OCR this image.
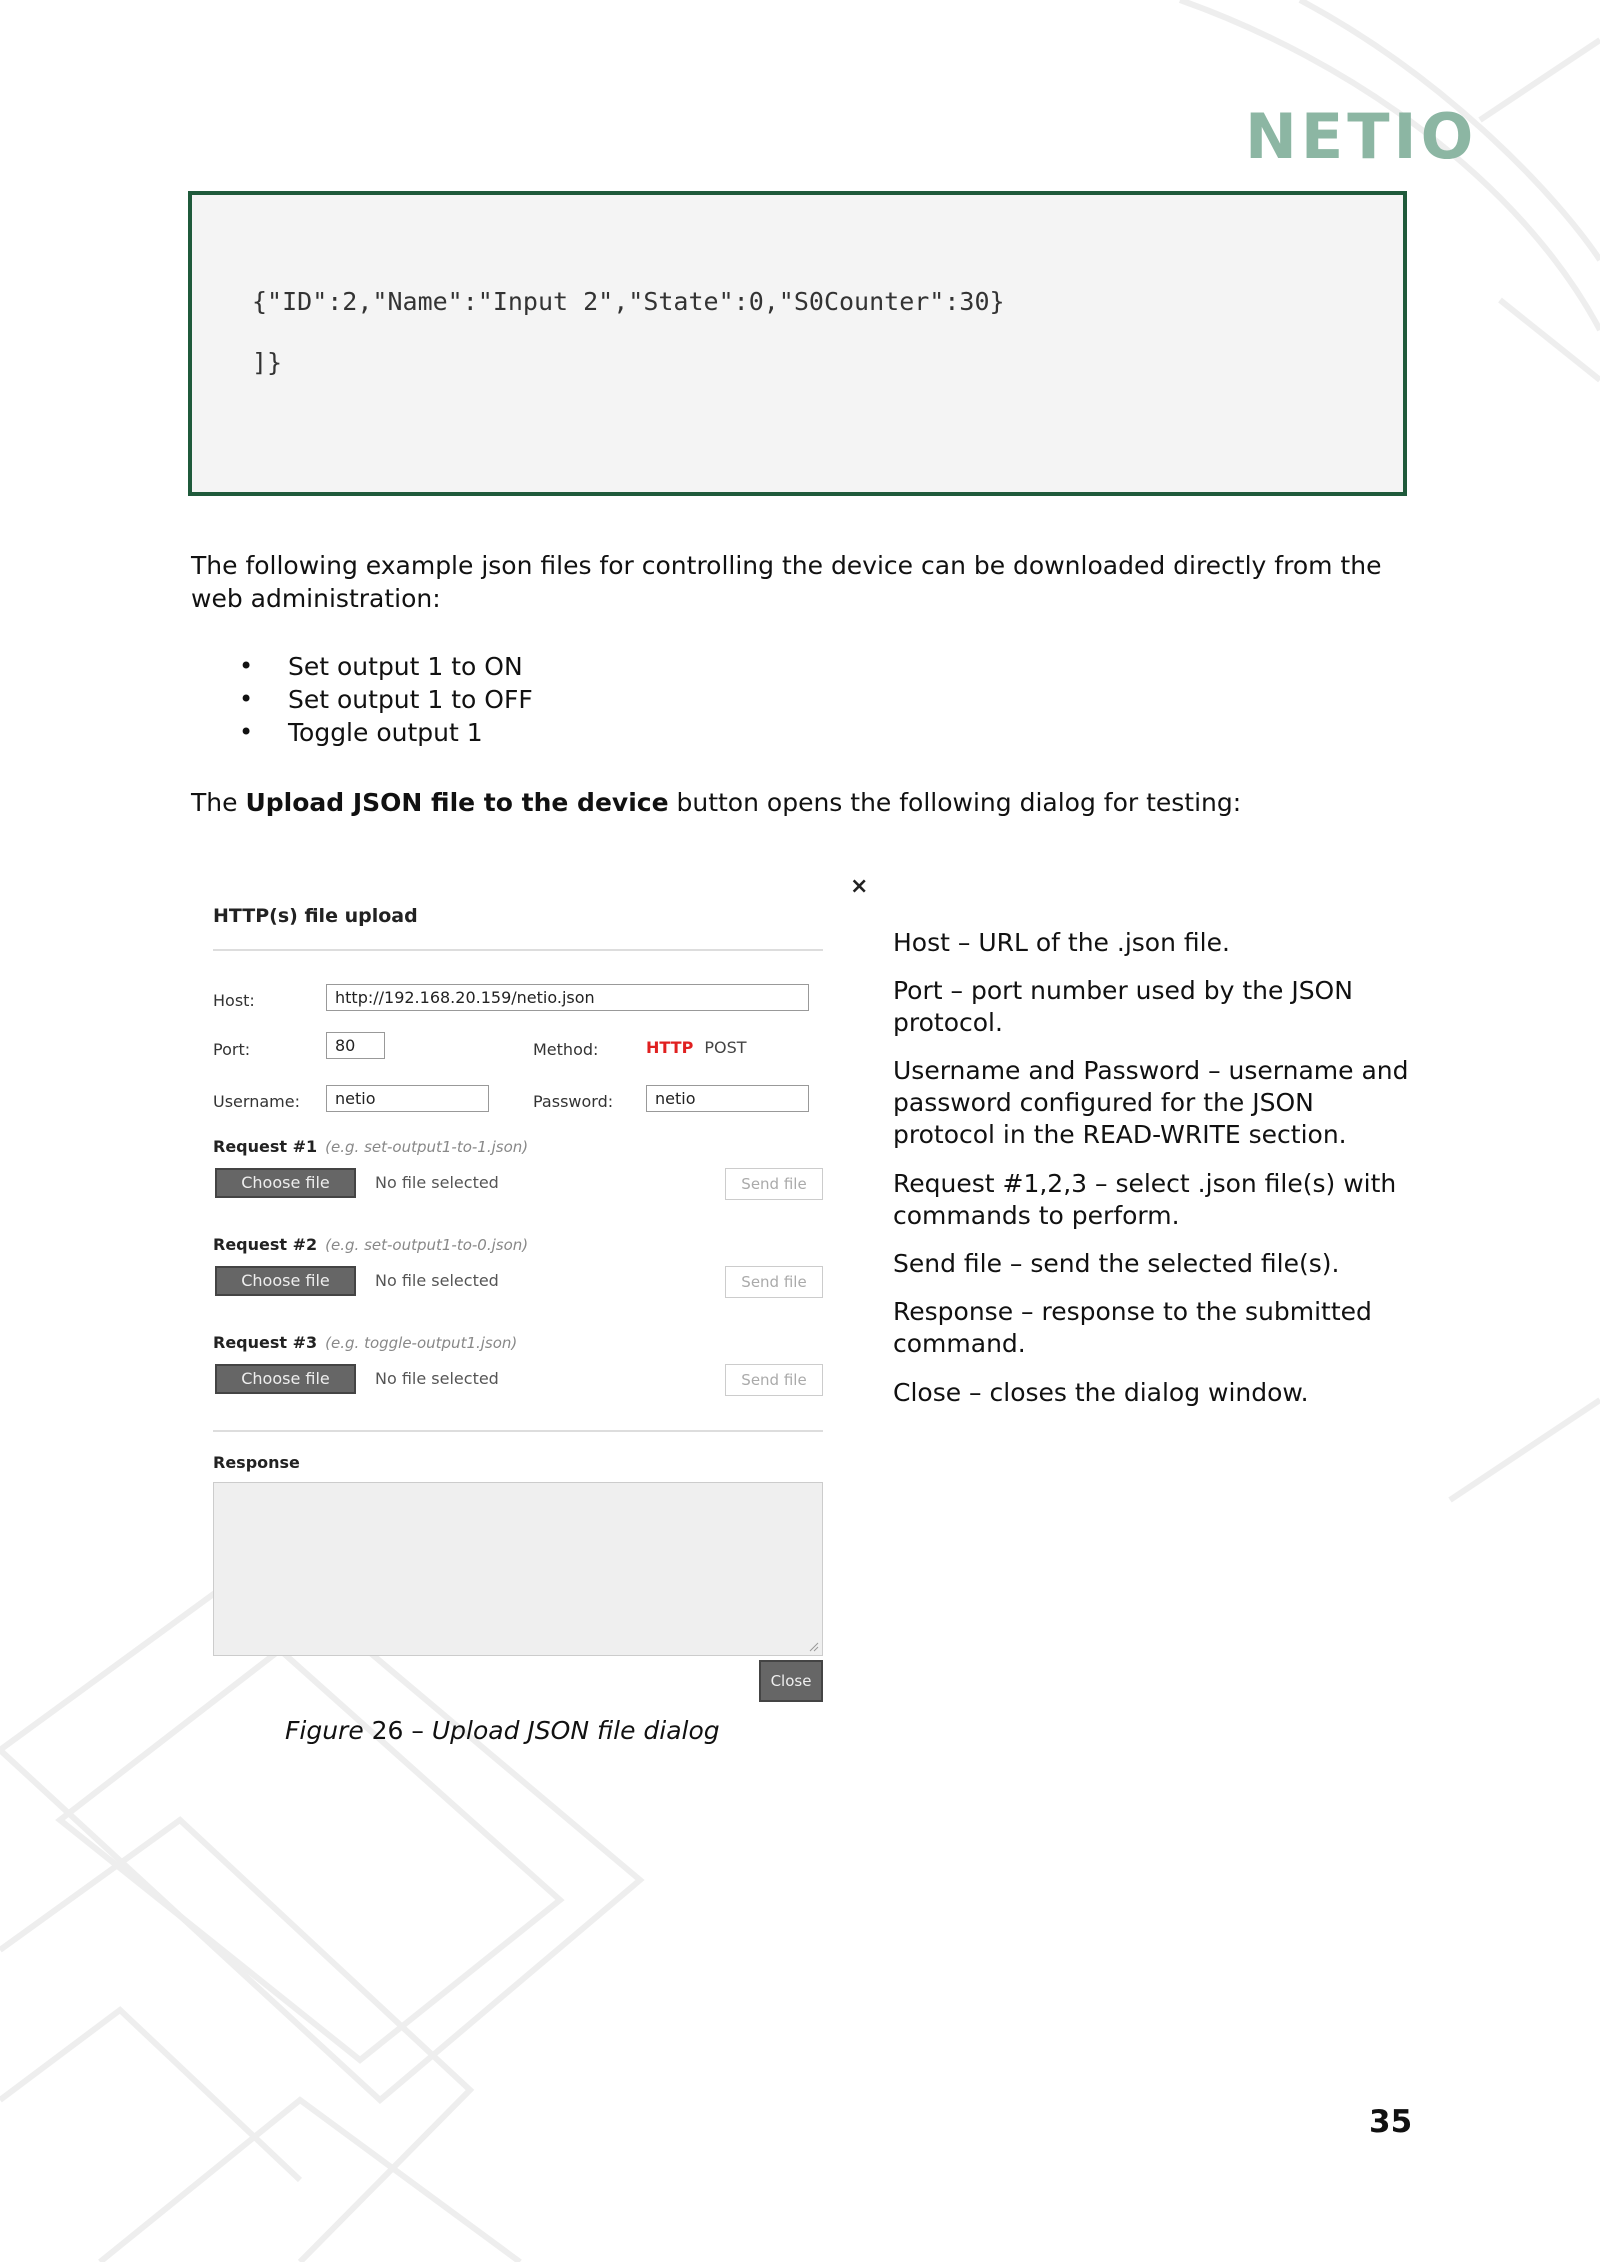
NETIO
{"ID":2,"Name":"Input 2","State":0,"S0Counter":30}
]}
The following example json files for controlling the device can be downloaded directly from the web administration:
• Set output 1 to ON
• Set output 1 to OFF
• Toggle output 1
The Upload JSON file to the device button opens the following dialog for testing:
×
HTTP(s) file upload
Host:	http://192.168.20.159/netio.json
Port:	80	Method:	HTTP POST
Username:	netio	Password:	netio
Request #1 (e.g. set-output1-to-1.json)
Choose file	No file selected	Send file
Request #2 (e.g. set-output1-to-0.json)
Choose file	No file selected	Send file
Request #3 (e.g. toggle-output1.json)
Choose file	No file selected	Send file
Response
Close
Figure 26 – Upload JSON file dialog
Host – URL of the .json file.
Port – port number used by the JSON protocol.
Username and Password – username and password configured for the JSON protocol in the READ-WRITE section.
Request #1,2,3 – select .json file(s) with commands to perform.
Send file – send the selected file(s).
Response – response to the submitted command.
Close – closes the dialog window.
35
